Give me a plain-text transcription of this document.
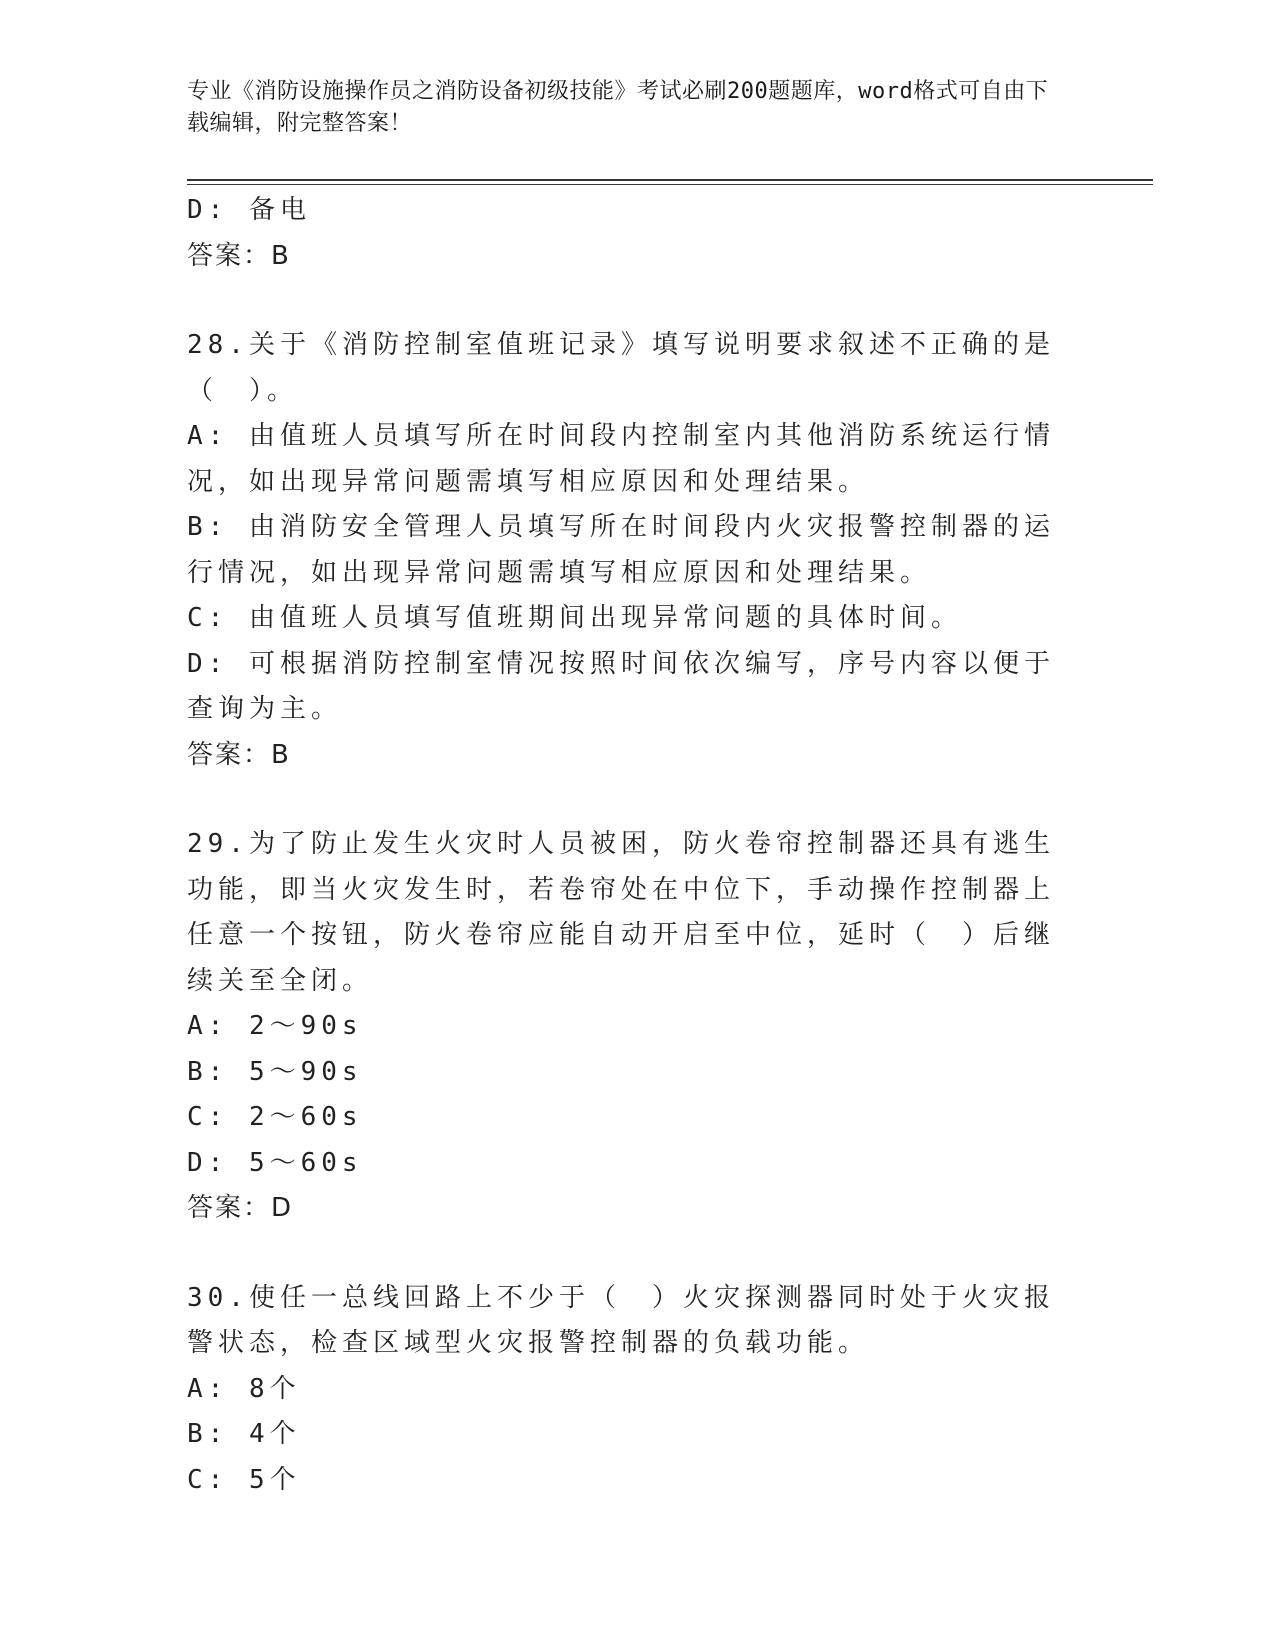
专业《消防设施操作员之消防设备初级技能》考试必刷200题题库，word格式可自由下载编辑，附完整答案！

D: 备电

答案：B

28.关于《消防控制室值班记录》填写说明要求叙述不正确的是（　）。

A: 由值班人员填写所在时间段内控制室内其他消防系统运行情况，如出现异常问题需填写相应原因和处理结果。

B: 由消防安全管理人员填写所在时间段内火灾报警控制器的运行情况，如出现异常问题需填写相应原因和处理结果。

C: 由值班人员填写值班期间出现异常问题的具体时间。

D: 可根据消防控制室情况按照时间依次编写，序号内容以便于查询为主。

答案：B

29.为了防止发生火灾时人员被困，防火卷帘控制器还具有逃生功能，即当火灾发生时，若卷帘处在中位下，手动操作控制器上任意一个按钮，防火卷帘应能自动开启至中位，延时（　）后继续关至全闭。

A: 2～90s

B: 5～90s

C: 2～60s

D: 5～60s

答案：D

30.使任一总线回路上不少于（　）火灾探测器同时处于火灾报警状态，检查区域型火灾报警控制器的负载功能。

A: 8个

B: 4个

C: 5个
